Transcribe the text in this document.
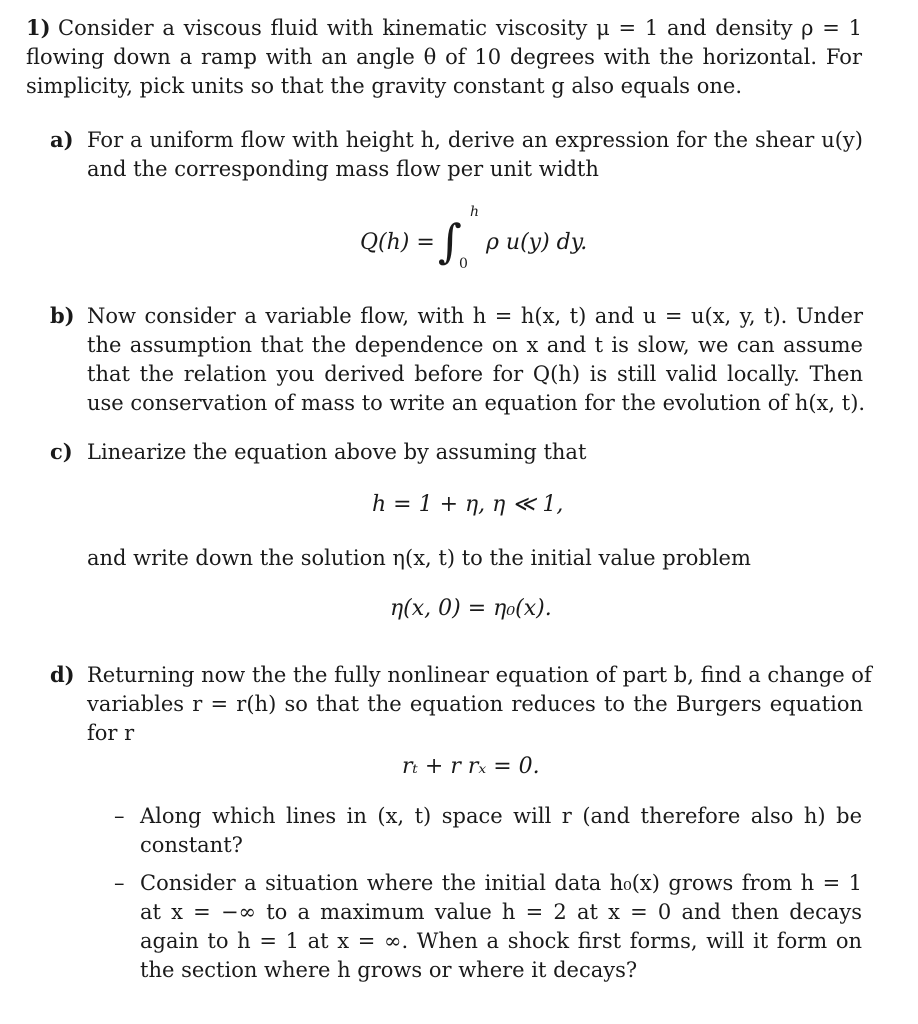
1) Consider a viscous fluid with kinematic viscosity μ = 1 and density ρ = 1
flowing down a ramp with an angle θ of 10 degrees with the horizontal. For
simplicity, pick units so that the gravity constant g also equals one.
a) For a uniform flow with height h, derive an expression for the shear u(y)
and the corresponding mass flow per unit width
Q(h) = ∫
h
0
ρ u(y) dy.
b) Now consider a variable flow, with h = h(x, t) and u = u(x, y, t). Under
the assumption that the dependence on x and t is slow, we can assume
that the relation you derived before for Q(h) is still valid locally. Then
use conservation of mass to write an equation for the evolution of h(x, t).
c) Linearize the equation above by assuming that
h = 1 + η, η ≪ 1,
and write down the solution η(x, t) to the initial value problem
η(x, 0) = η₀(x).
d) Returning now the the fully nonlinear equation of part b, find a change of
variables r = r(h) so that the equation reduces to the Burgers equation
for r
rₜ + r rₓ = 0.
– Along which lines in (x, t) space will r (and therefore also h) be
constant?
– Consider a situation where the initial data h₀(x) grows from h = 1
at x = −∞ to a maximum value h = 2 at x = 0 and then decays
again to h = 1 at x = ∞. When a shock first forms, will it form on
the section where h grows or where it decays?
